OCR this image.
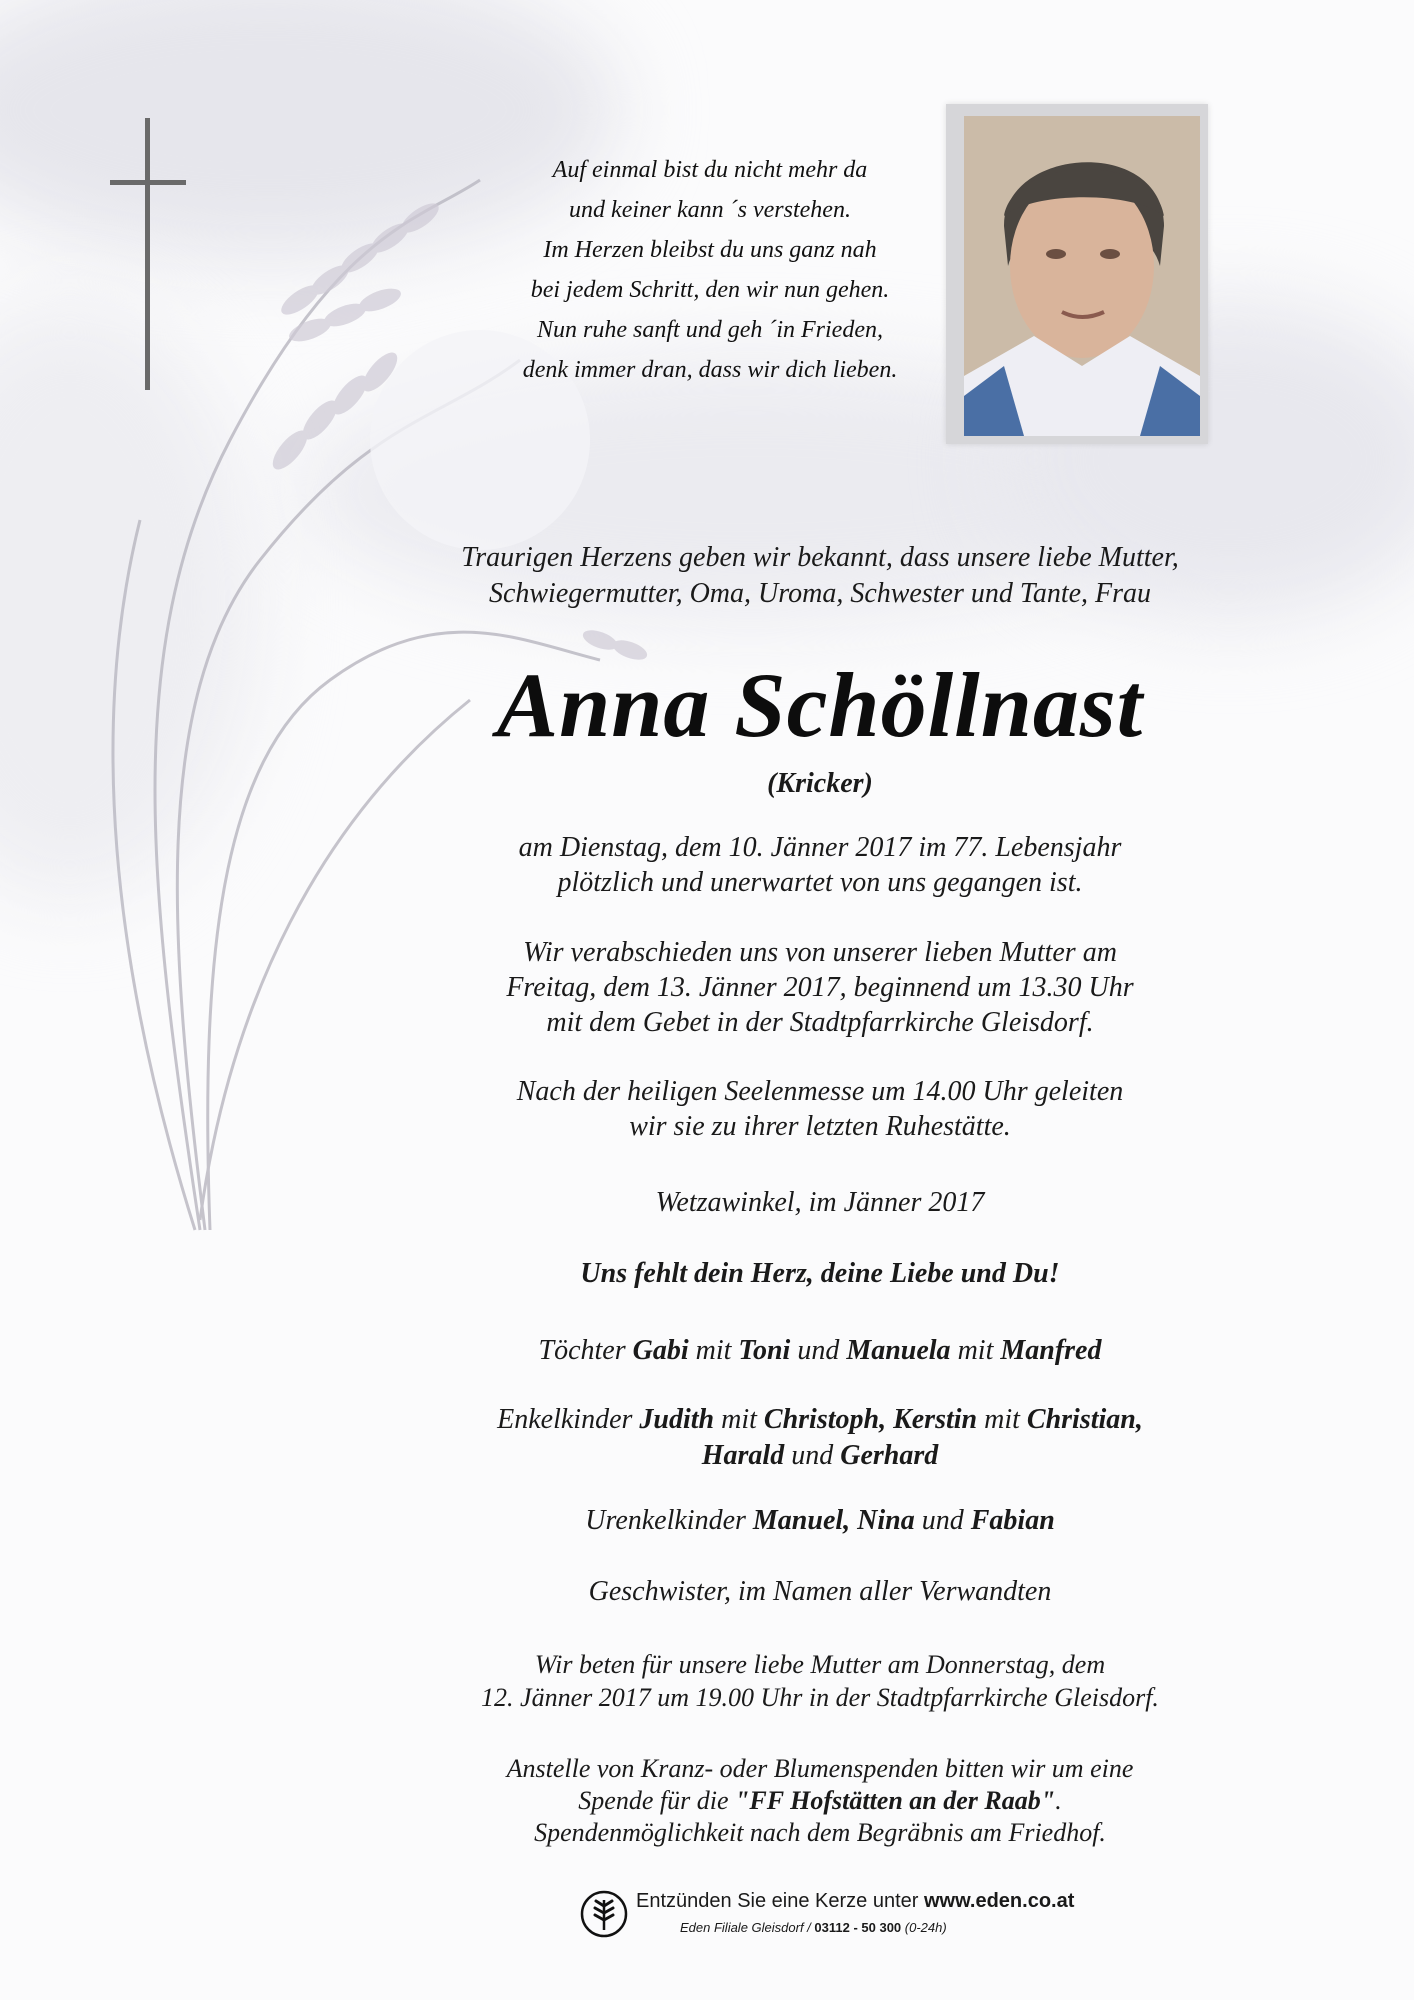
Auf einmal bist du nicht mehr da
und keiner kann ´s verstehen.
Im Herzen bleibst du uns ganz nah
bei jedem Schritt, den wir nun gehen.
Nun ruhe sanft und geh ´in Frieden,
denk immer dran, dass wir dich lieben.
Traurigen Herzens geben wir bekannt, dass unsere liebe Mutter,
Schwiegermutter, Oma, Uroma, Schwester und Tante, Frau
Anna Schöllnast
(Kricker)
am Dienstag, dem 10. Jänner 2017 im 77. Lebensjahr
plötzlich und unerwartet von uns gegangen ist.
Wir verabschieden uns von unserer lieben Mutter am
Freitag, dem 13. Jänner 2017, beginnend um 13.30 Uhr
mit dem Gebet in der Stadtpfarrkirche Gleisdorf.
Nach der heiligen Seelenmesse um 14.00 Uhr geleiten
wir sie zu ihrer letzten Ruhestätte.
Wetzawinkel, im Jänner 2017
Uns fehlt dein Herz, deine Liebe und Du!
Töchter Gabi mit Toni und Manuela mit Manfred
Enkelkinder Judith mit Christoph, Kerstin mit Christian,
Harald und Gerhard
Urenkelkinder Manuel, Nina und Fabian
Geschwister, im Namen aller Verwandten
Wir beten für unsere liebe Mutter am Donnerstag, dem
12. Jänner 2017 um 19.00 Uhr in der Stadtpfarrkirche Gleisdorf.
Anstelle von Kranz- oder Blumenspenden bitten wir um eine
Spende für die "FF Hofstätten an der Raab".
Spendenmöglichkeit nach dem Begräbnis am Friedhof.
Entzünden Sie eine Kerze unter www.eden.co.at
Eden Filiale Gleisdorf / 03112 - 50 300 (0-24h)
